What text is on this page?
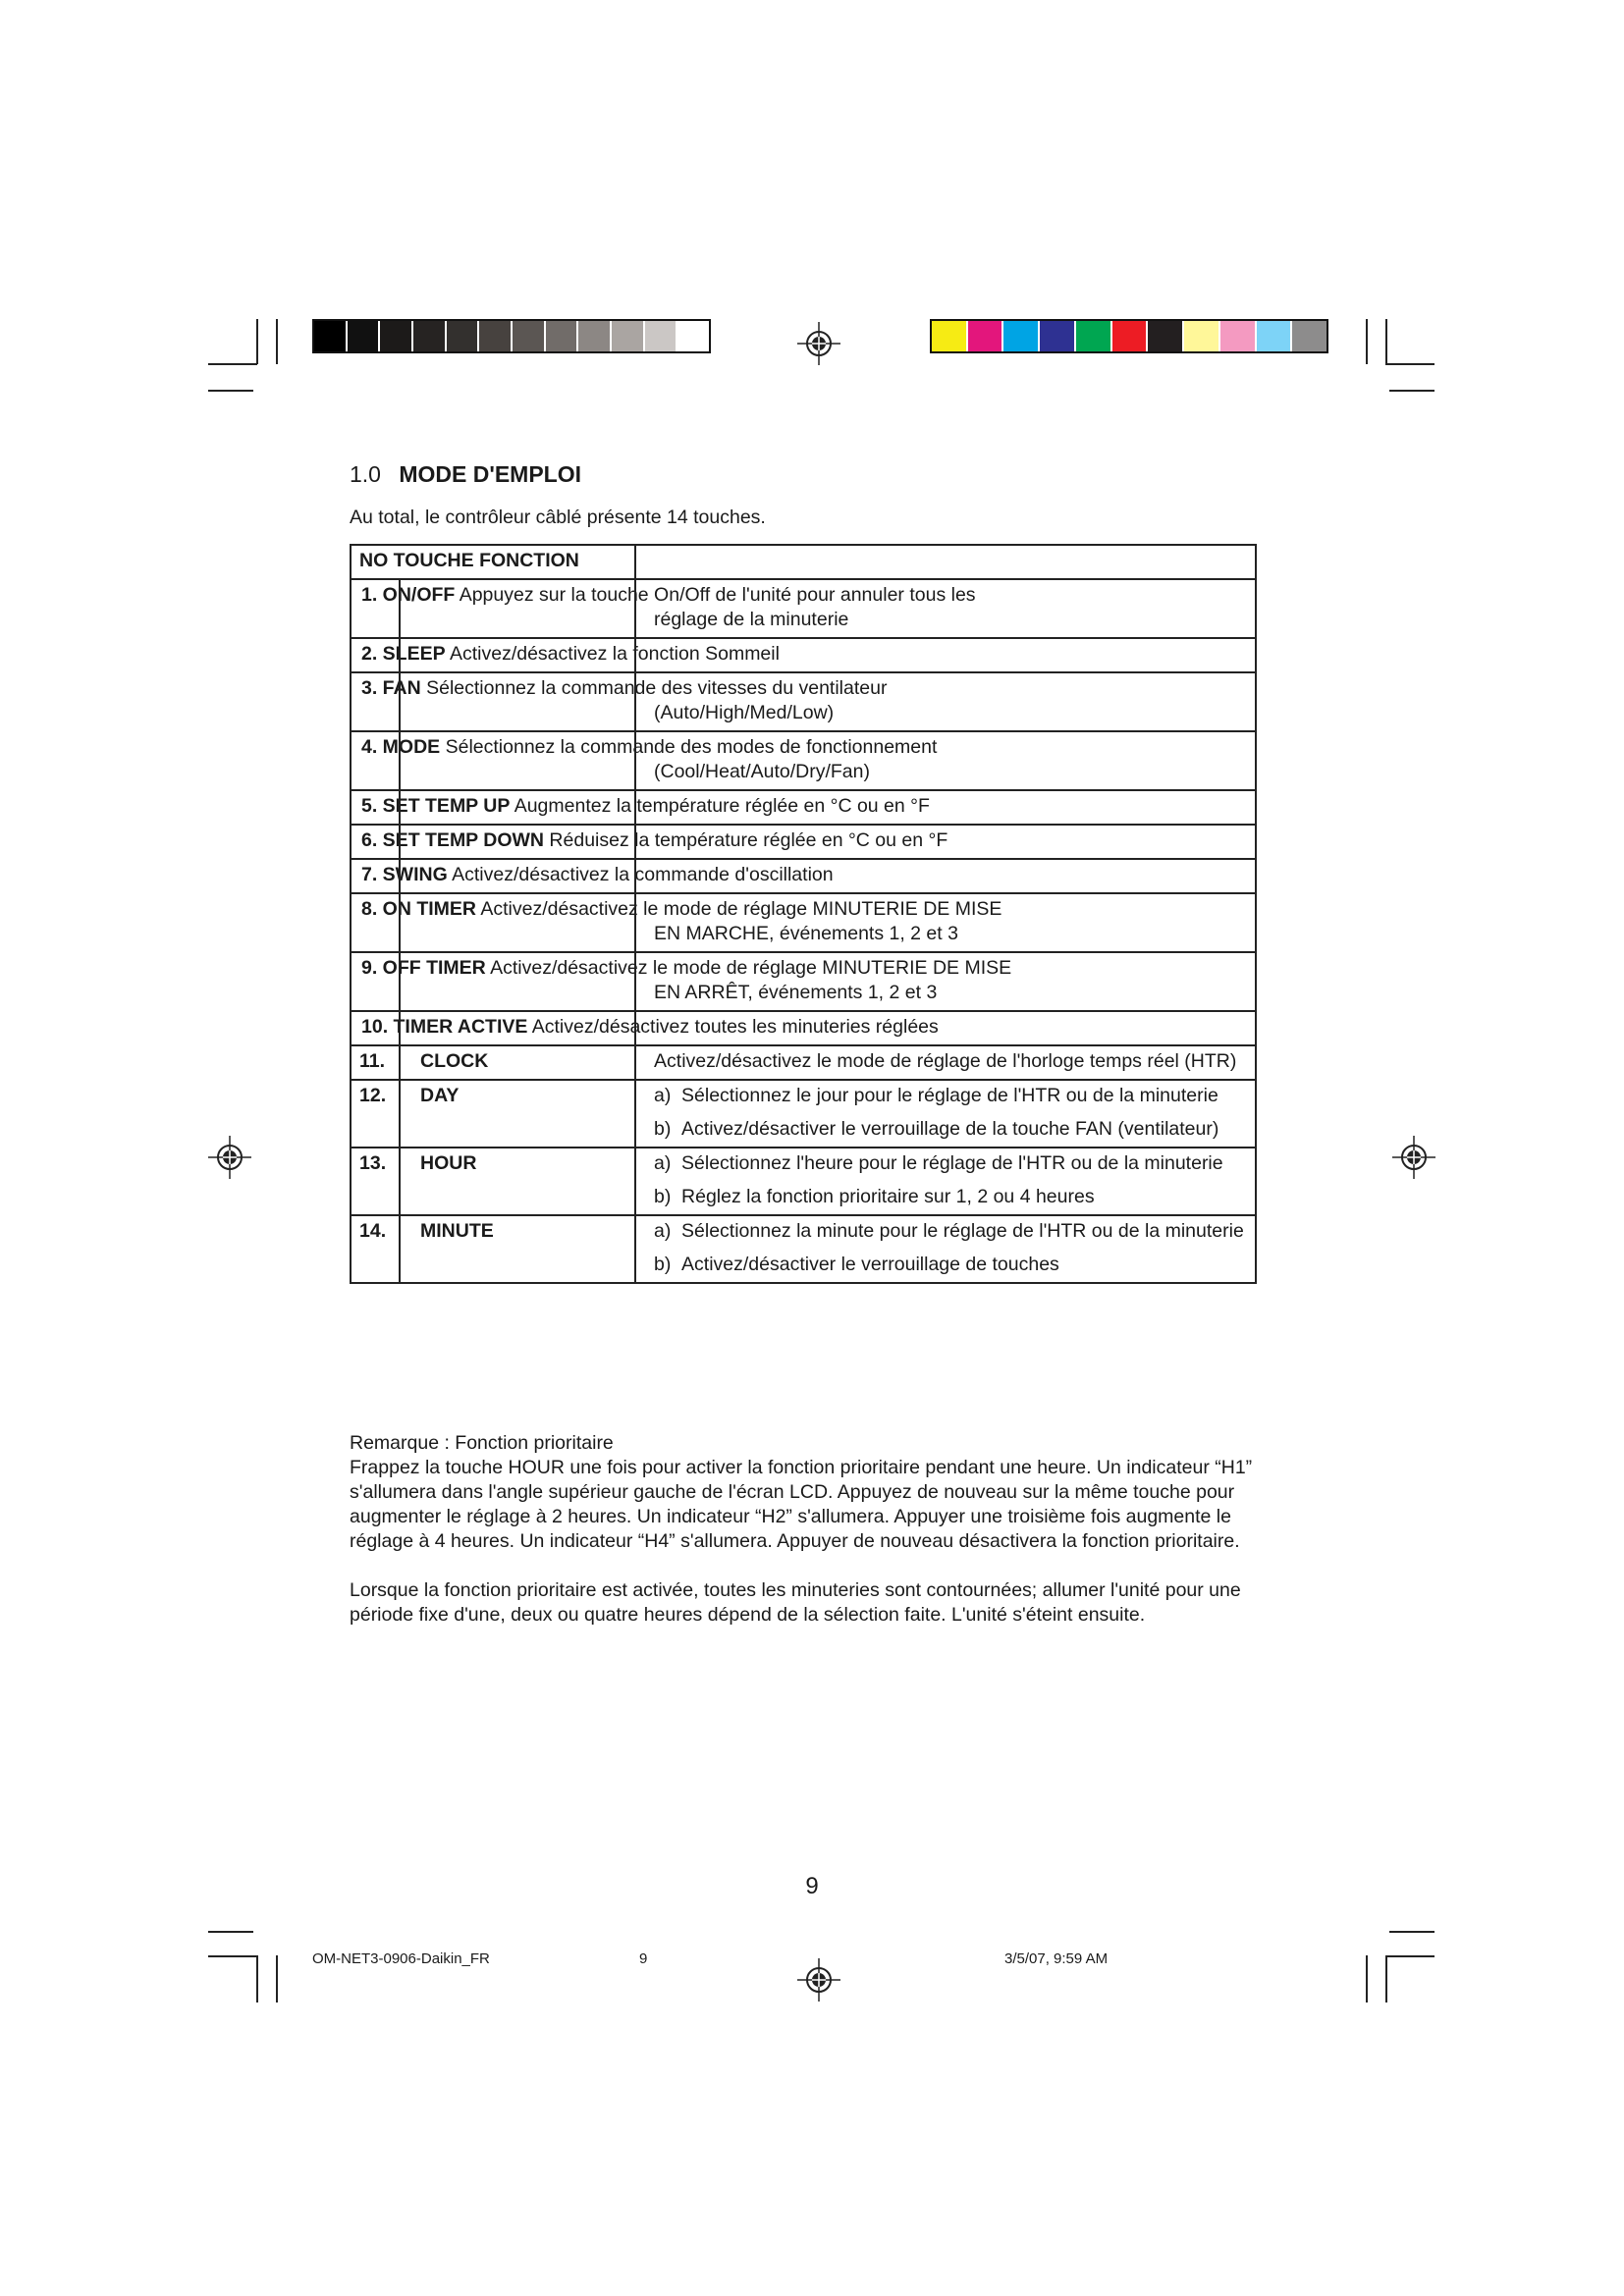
1.0 MODE D'EMPLOI
Au total, le contrôleur câblé présente 14 touches.
NO TOUCHE FONCTION		

1. ON/OFF Appuyez sur la touche On/Off de l'unité pour annuler tous les
réglage de la minuterie		

2. SLEEP Activez/désactivez la fonction Sommeil		

3. FAN Sélectionnez la commande des vitesses du ventilateur
(Auto/High/Med/Low)		

4. MODE Sélectionnez la commande des modes de fonctionnement
(Cool/Heat/Auto/Dry/Fan)		

5. SET TEMP UP Augmentez la température réglée en °C ou en °F		

6. SET TEMP DOWN Réduisez la température réglée en °C ou en °F		

7. SWING Activez/désactivez la commande d'oscillation		

8. ON TIMER Activez/désactivez le mode de réglage MINUTERIE DE MISE
EN MARCHE, événements 1, 2 et 3		

9. OFF TIMER Activez/désactivez le mode de réglage MINUTERIE DE MISE
EN ARRÊT, événements 1, 2 et 3		

10. TIMER ACTIVE Activez/désactivez toutes les minuteries réglées		

11.	CLOCK	Activez/désactivez le mode de réglage de l'horloge temps réel (HTR)

12.	DAY	a) Sélectionnez le jour pour le réglage de l'HTR ou de la minuterie
b) Activez/désactiver le verrouillage de la touche FAN (ventilateur)

13.	HOUR	a) Sélectionnez l'heure pour le réglage de l'HTR ou de la minuterie
b) Réglez la fonction prioritaire sur 1, 2 ou 4 heures

14.	MINUTE	a) Sélectionnez la minute pour le réglage de l'HTR ou de la minuterie
b) Activez/désactiver le verrouillage de touches

Remarque : Fonction prioritaire

Frappez la touche HOUR une fois pour activer la fonction prioritaire pendant une heure. Un indicateur “H1” s'allumera dans l'angle supérieur gauche de l'écran LCD. Appuyez de nouveau sur la même touche pour augmenter le réglage à 2 heures. Un indicateur “H2” s'allumera. Appuyer une troisième fois augmente le réglage à 4 heures. Un indicateur “H4” s'allumera. Appuyer de nouveau désactivera la fonction prioritaire.

Lorsque la fonction prioritaire est activée, toutes les minuteries sont contournées; allumer l'unité pour une période fixe d'une, deux ou quatre heures dépend de la sélection faite. L'unité s'éteint ensuite.

9
OM-NET3-0906-Daikin_FR	9	3/5/07, 9:59 AM
